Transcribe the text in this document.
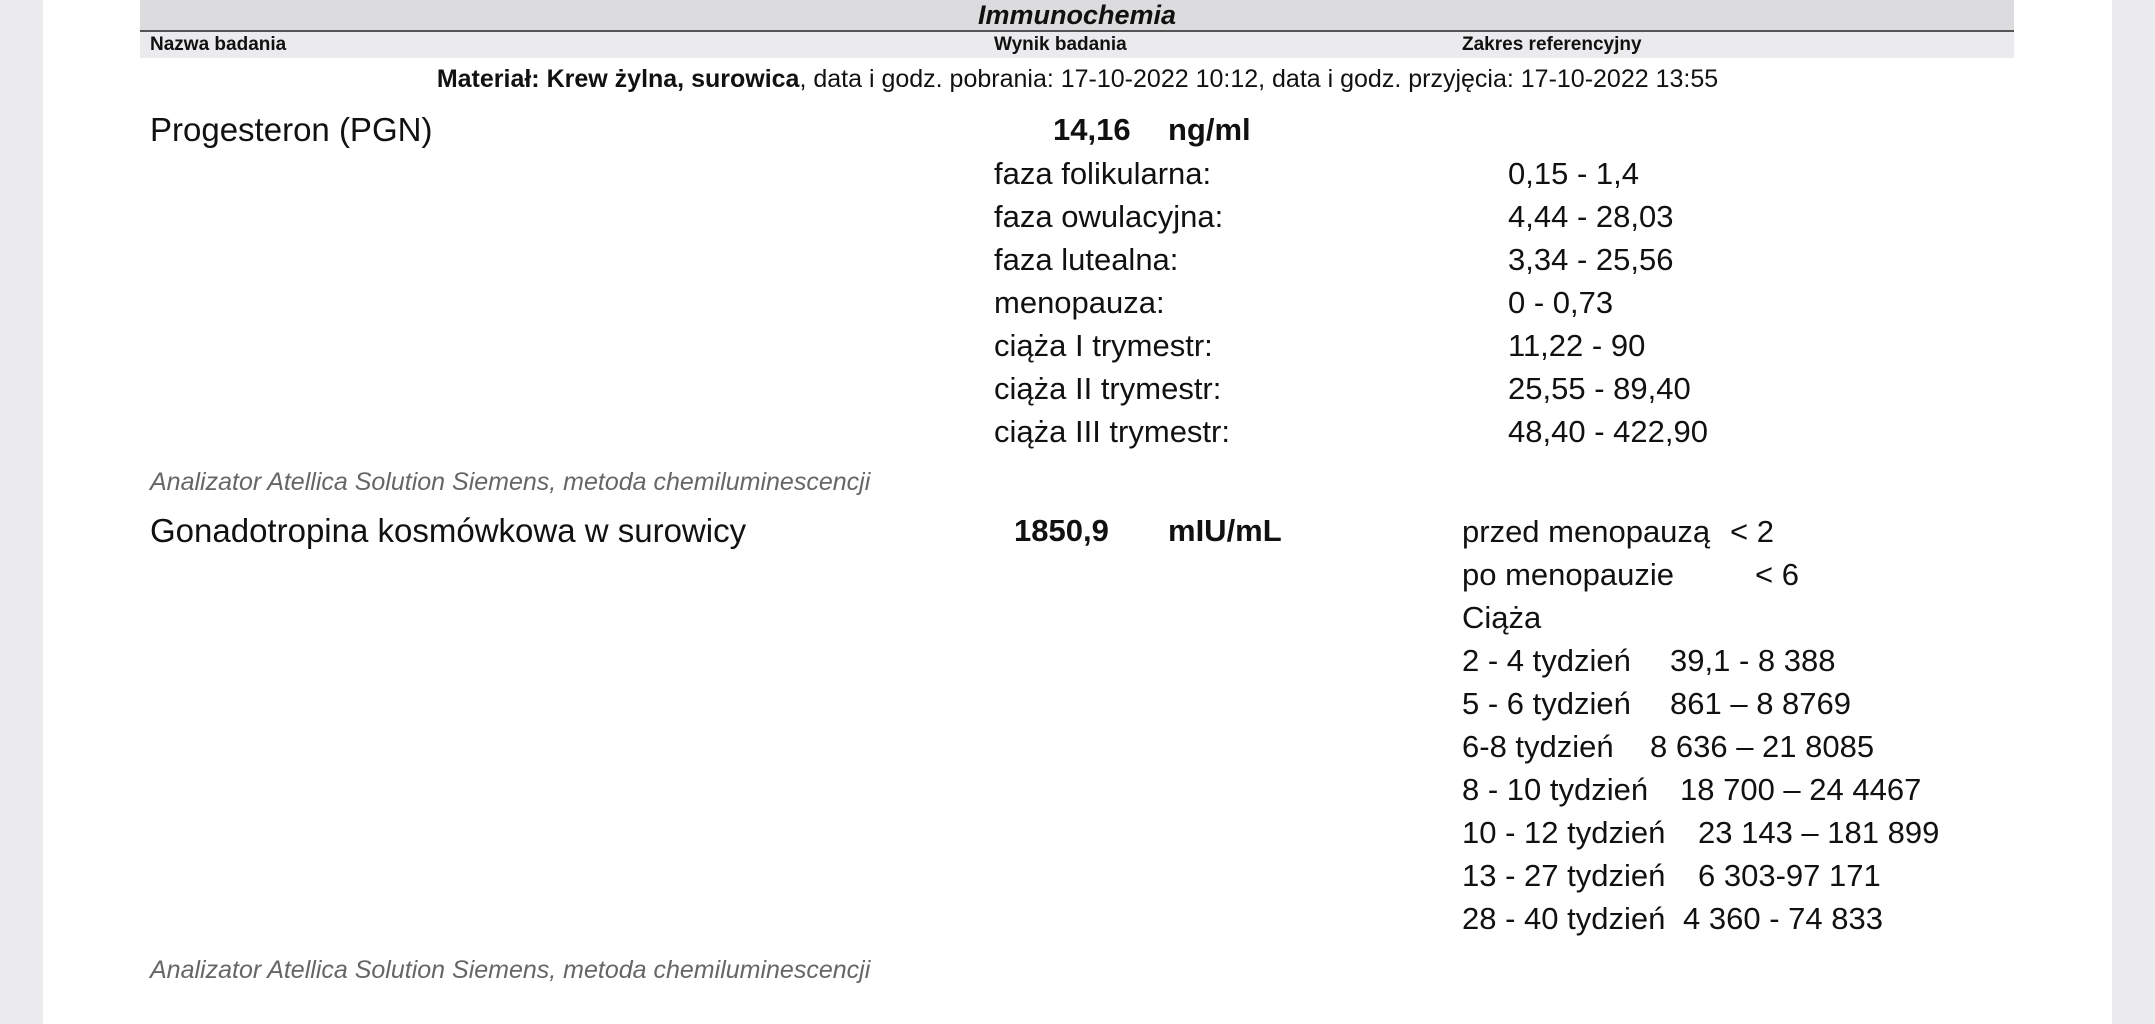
Immunochemia
Nazwa badania	Wynik badania	Zakres referencyjny
Materiał: Krew żylna, surowica, data i godz. pobrania: 17-10-2022 10:12, data i godz. przyjęcia: 17-10-2022 13:55
Progesteron (PGN)	14,16 ng/ml
faza folikularna:	0,15 - 1,4
faza owulacyjna:	4,44 - 28,03
faza lutealna:	3,34 - 25,56
menopauza:	0 - 0,73
ciąża I trymestr:	11,22 - 90
ciąża II trymestr:	25,55 - 89,40
ciąża III trymestr:	48,40 - 422,90
Analizator Atellica Solution Siemens, metoda chemiluminescencji
Gonadotropina kosmówkowa w surowicy	1850,9 mIU/mL	przed menopauzą < 2
po menopauzie	< 6
Ciąża
2 - 4 tydzień 39,1 - 8 388
5 - 6 tydzień 861 – 8 8769
6-8 tydzień 8 636 – 21 8085
8 - 10 tydzień 18 700 – 24 4467
10 - 12 tydzień 23 143 – 181 899
13 - 27 tydzień 6 303-97 171
28 - 40 tydzień 4 360 - 74 833
Analizator Atellica Solution Siemens, metoda chemiluminescencji
